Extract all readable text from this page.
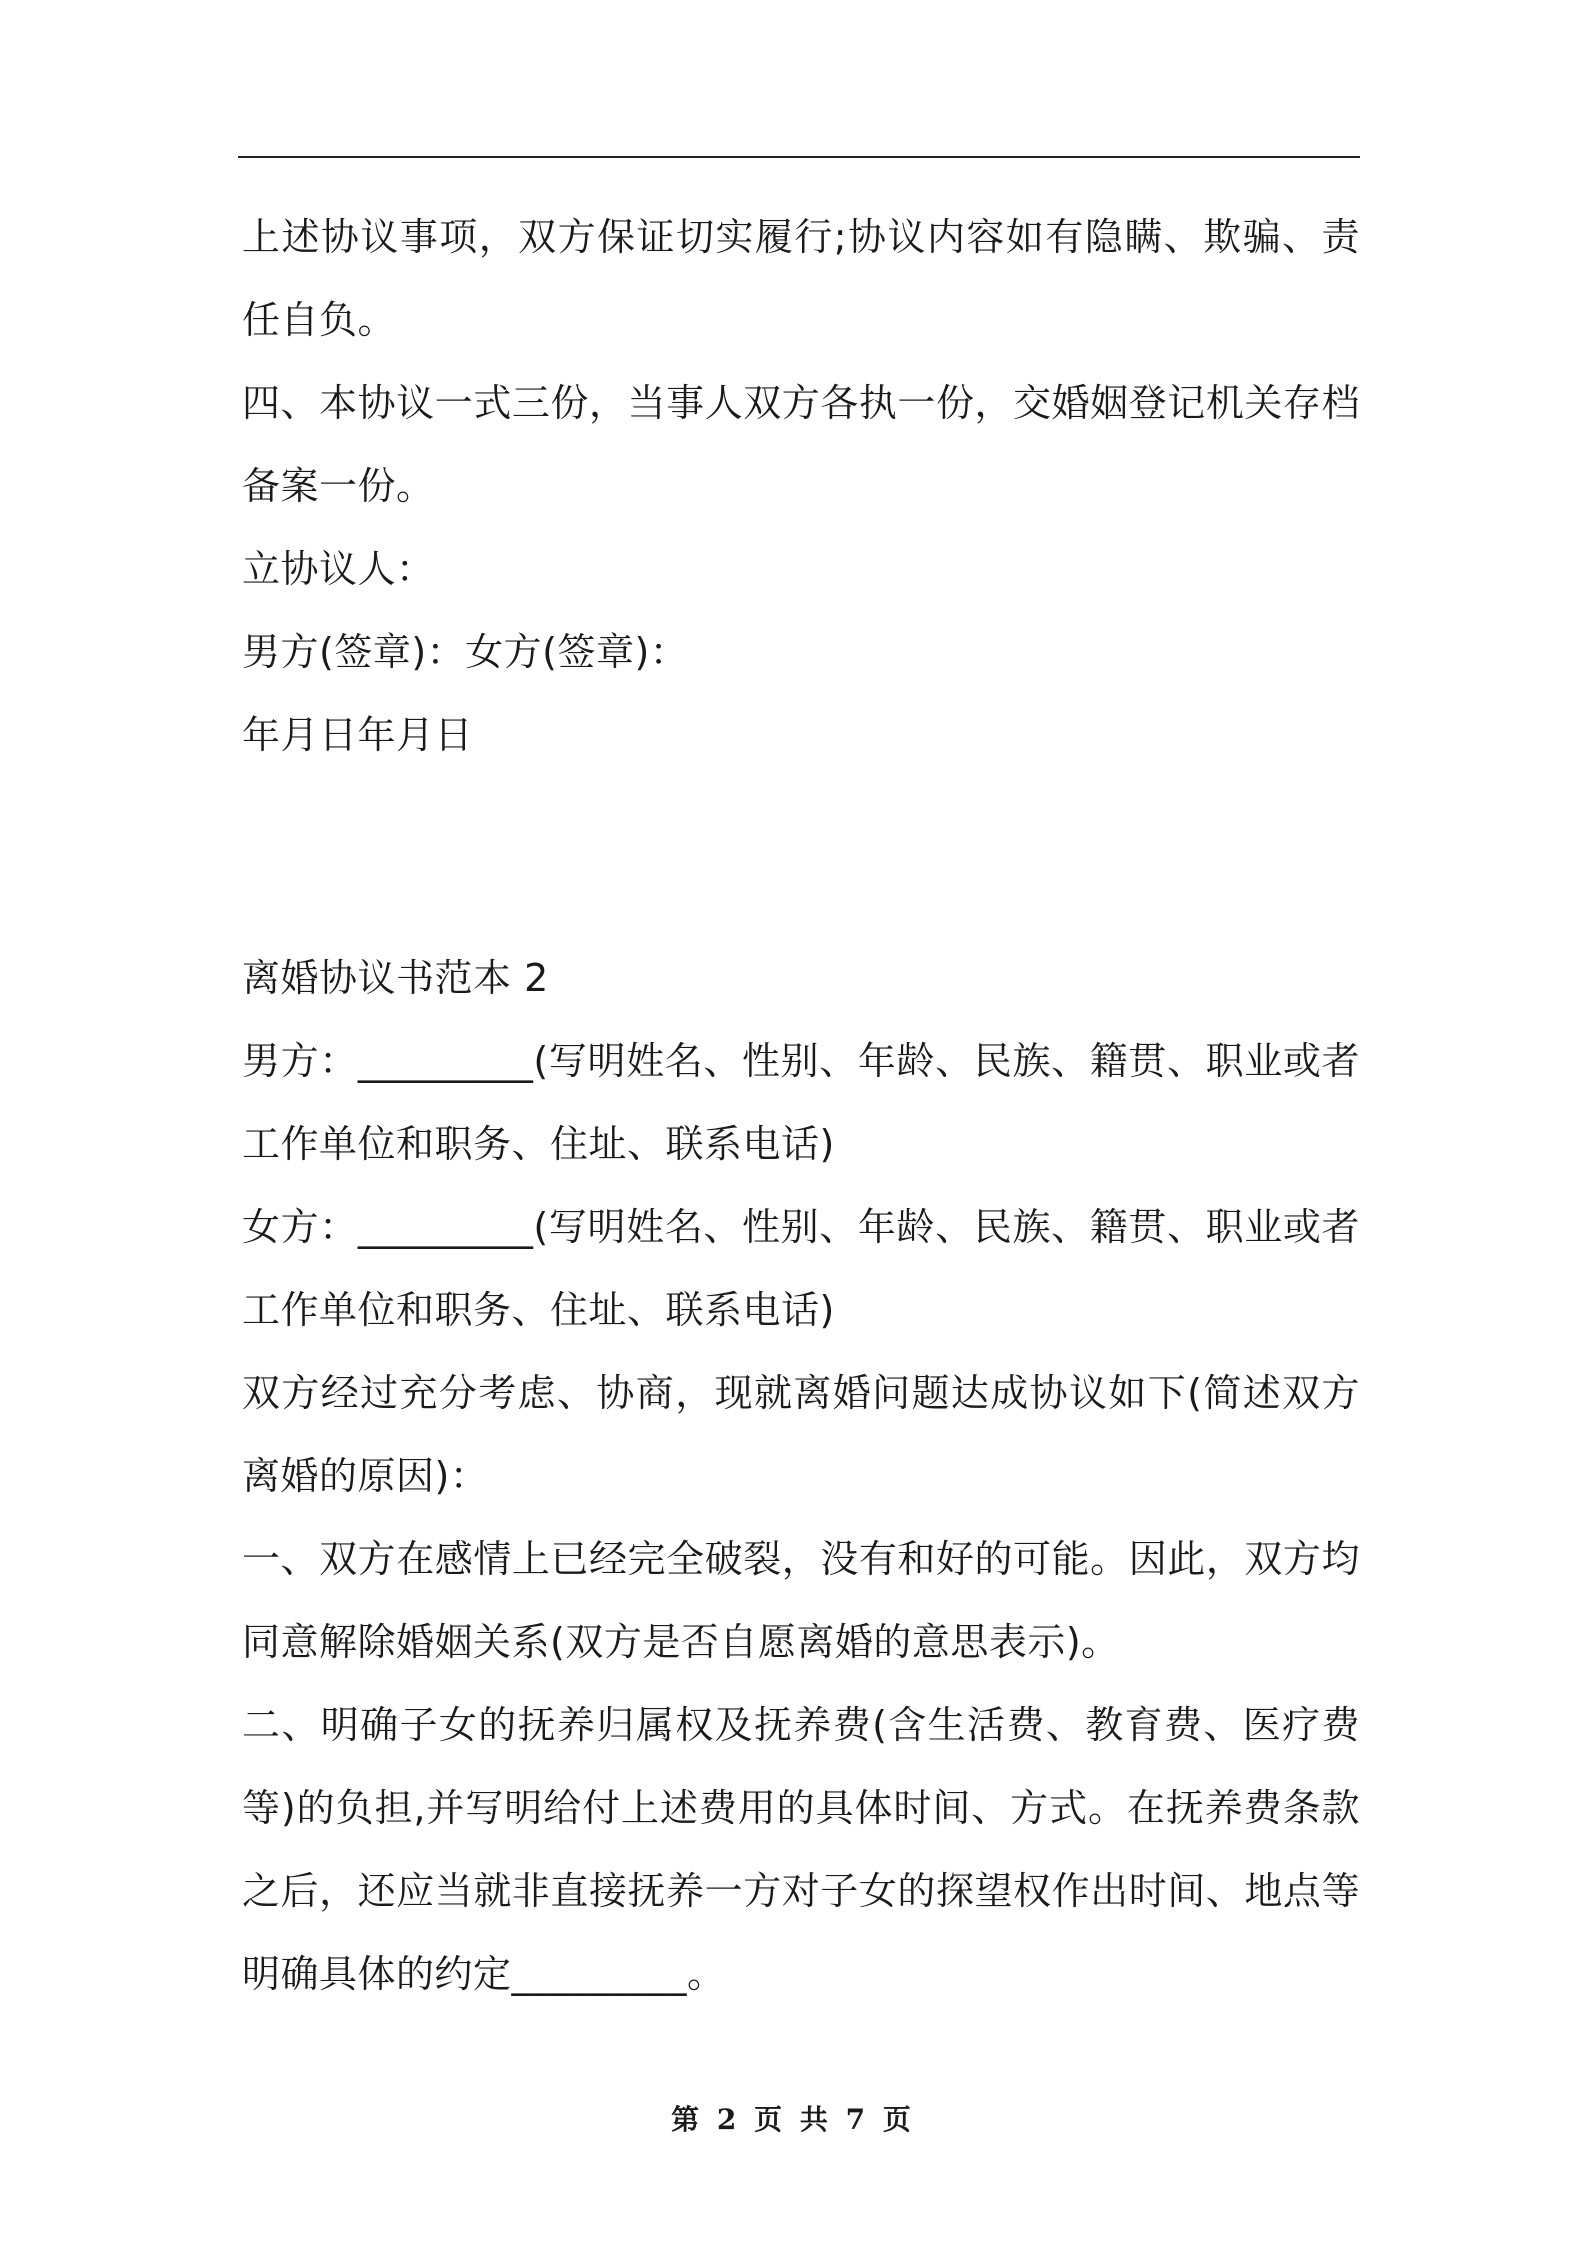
上述协议事项，双方保证切实履行;协议内容如有隐瞒、欺骗、责任自负。

四、本协议一式三份，当事人双方各执一份，交婚姻登记机关存档备案一份。

立协议人：

男方(签章)：女方(签章)：

年月日年月日

离婚协议书范本 2

男方：_________(写明姓名、性别、年龄、民族、籍贯、职业或者工作单位和职务、住址、联系电话)

女方：_________(写明姓名、性别、年龄、民族、籍贯、职业或者工作单位和职务、住址、联系电话)

双方经过充分考虑、协商，现就离婚问题达成协议如下(简述双方离婚的原因)：

一、双方在感情上已经完全破裂，没有和好的可能。因此，双方均同意解除婚姻关系(双方是否自愿离婚的意思表示)。

二、明确子女的抚养归属权及抚养费(含生活费、教育费、医疗费等)的负担,并写明给付上述费用的具体时间、方式。在抚养费条款之后，还应当就非直接抚养一方对子女的探望权作出时间、地点等明确具体的约定_________。

第 2 页 共 7 页
